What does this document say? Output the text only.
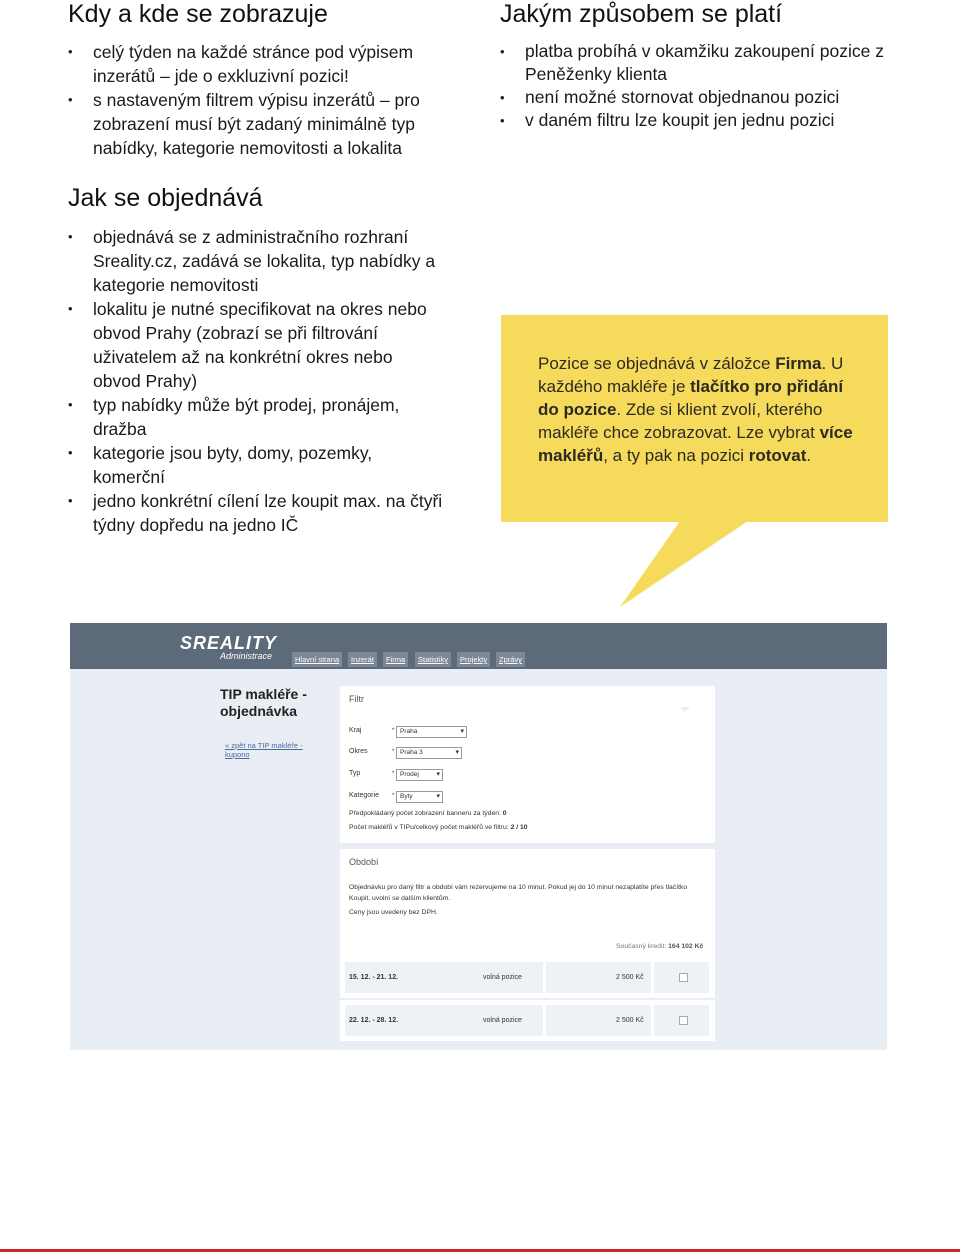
Kdy a kde se zobrazuje
• celý týden na každé stránce pod výpisem inzerátů – jde o exkluzivní pozici!
• s nastaveným filtrem výpisu inzerátů – pro zobrazení musí být zadaný minimálně typ nabídky, kategorie nemovitosti a lokalita
Jakým způsobem se platí
• platba probíhá v okamžiku zakoupení pozice z Peněženky klienta
• není možné stornovat objednanou pozici
• v daném filtru lze koupit jen jednu pozici
Jak se objednává
• objednává se z administračního rozhraní Sreality.cz, zadává se lokalita, typ nabídky a kategorie nemovitosti
• lokalitu je nutné specifikovat na okres nebo obvod Prahy (zobrazí se při filtrování uživatelem až na konkrétní okres nebo obvod Prahy)
• typ nabídky může být prodej, pronájem, dražba
• kategorie jsou byty, domy, pozemky, komerční
• jedno konkrétní cílení lze koupit max. na čtyři týdny dopředu na jedno IČ
Pozice se objednává v záložce Firma. U každého makléře je tlačítko pro přidání do pozice. Zde si klient zvolí, kterého makléře chce zobrazovat. Lze vybrat více makléřů, a ty pak na pozici rotovat.
SREALITY
Administrace	Hlavní strana	Inzerát	Firma	Statistiky	Projekty	Zprávy
TIP makléře - objednávka
« zpět na TIP makléře - kupono
Filtr
Kraj	* Praha ▾
Okres	* Praha 3 ▾
Typ	* Prodej ▾
Kategorie * Byty ▾
Předpokládaný počet zobrazení banneru za týden: 0
Počet makléřů v TIPu/celkový počet makléřů ve filtru: 2 / 10
Období
Objednávku pro daný filtr a období vám rezervujeme na 10 minut. Pokud jej do 10 minut nezaplatíte přes tlačítko Koupit, uvolní se dalším klientům.
Ceny jsou uvedeny bez DPH.
Současný kredit: 164 102 Kč
15. 12. - 21. 12.	volná pozice	2 500 Kč
22. 12. - 28. 12.	volná pozice	2 500 Kč
